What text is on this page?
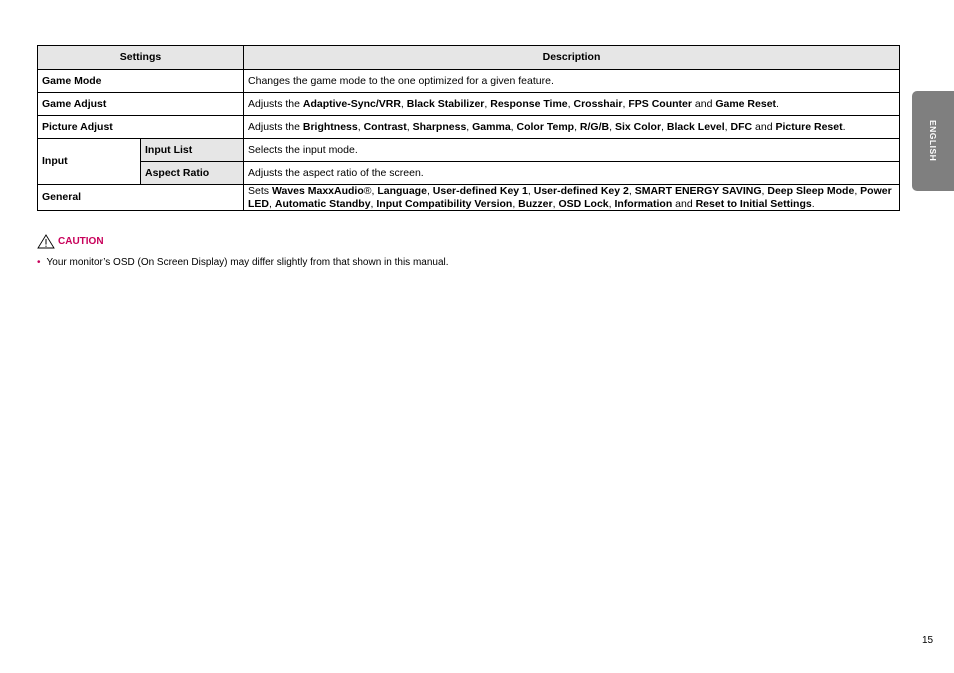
Settings		Description
Game Mode		Changes the game mode to the one optimized for a given feature.
Game Adjust		Adjusts the Adaptive-Sync/VRR, Black Stabilizer, Response Time, Crosshair, FPS Counter and Game Reset.
Picture Adjust		Adjusts the Brightness, Contrast, Sharpness, Gamma, Color Temp, R/G/B, Six Color, Black Level, DFC and Picture Reset.
Input	Input List	Selects the input mode.
	Aspect Ratio	Adjusts the aspect ratio of the screen.
General		Sets Waves MaxxAudio®, Language, User-defined Key 1, User-defined Key 2, SMART ENERGY SAVING, Deep Sleep Mode, Power LED, Automatic Standby, Input Compatibility Version, Buzzer, OSD Lock, Information and Reset to Initial Settings.
CAUTION
• Your monitor’s OSD (On Screen Display) may differ slightly from that shown in this manual.
ENGLISH
15
